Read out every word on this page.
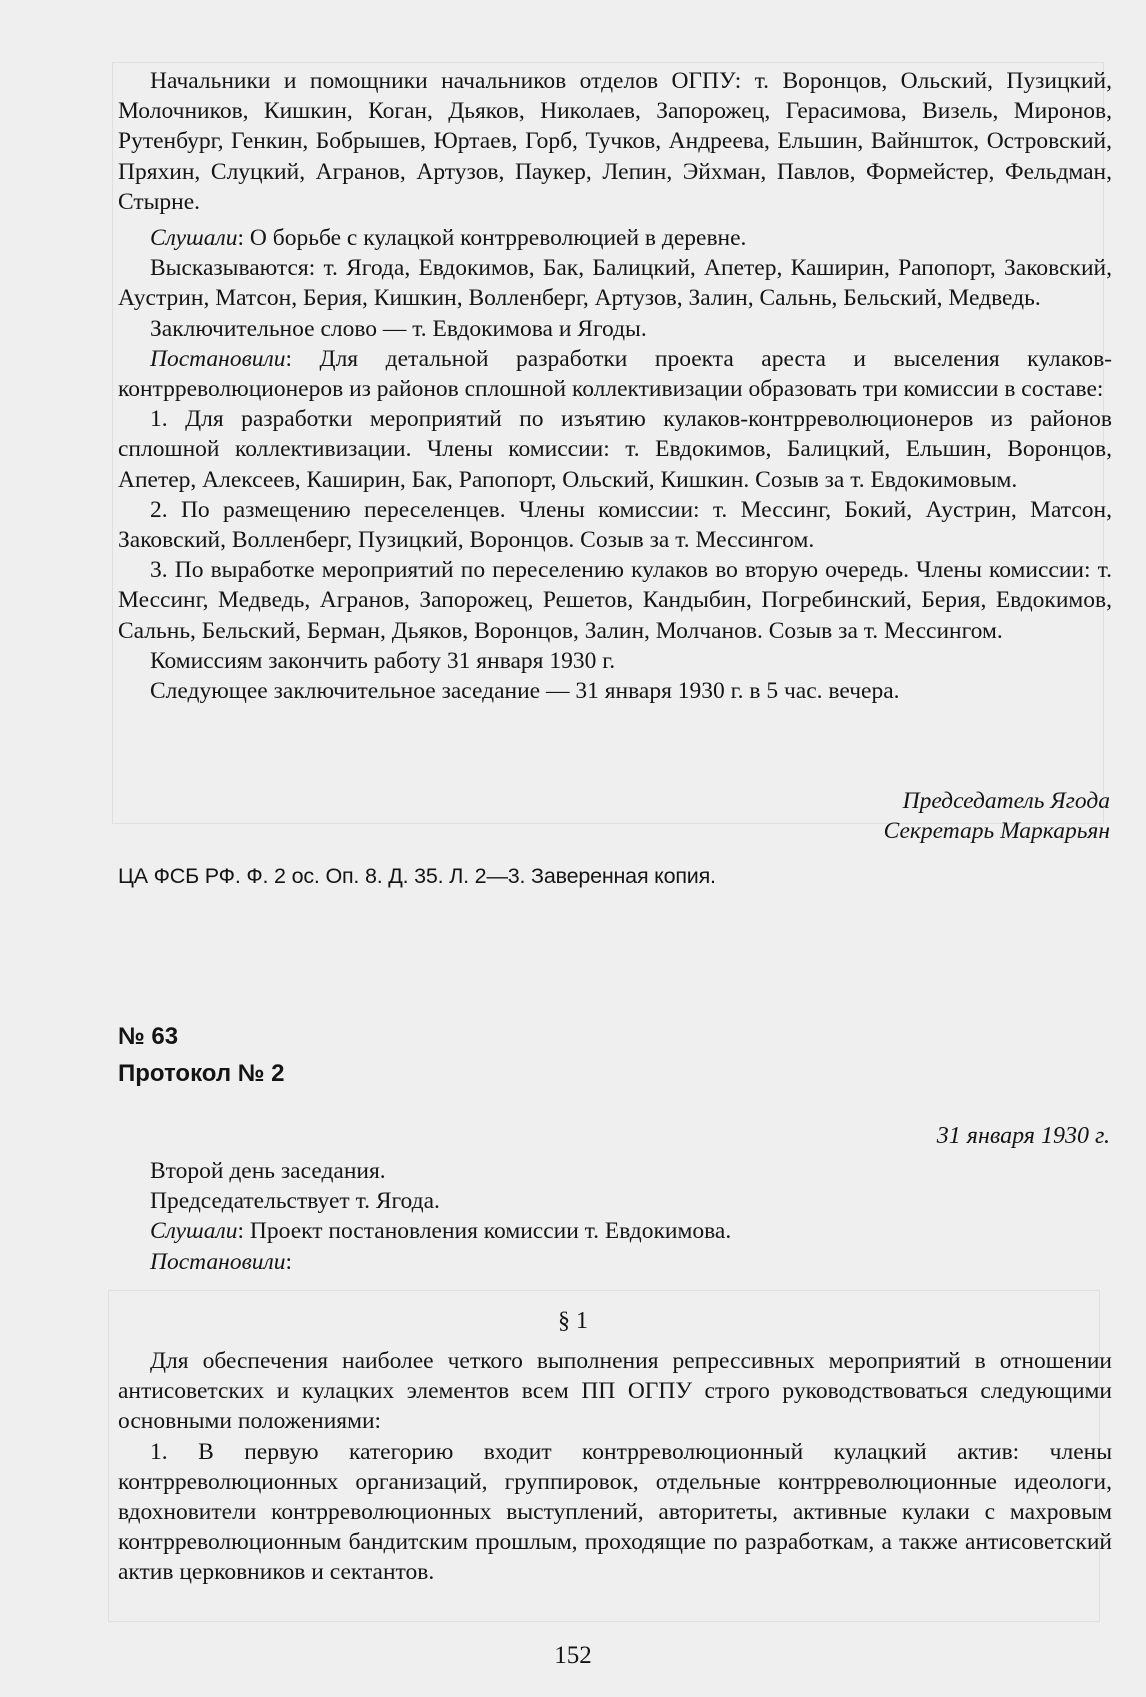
Начальники и помощники начальников отделов ОГПУ: т. Воронцов, Ольский, Пузицкий, Молочников, Кишкин, Коган, Дьяков, Николаев, Запорожец, Герасимова, Визель, Миронов, Рутенбург, Генкин, Бобрышев, Юртаев, Горб, Тучков, Андреева, Ельшин, Вайншток, Островский, Пряхин, Слуцкий, Агранов, Артузов, Паукер, Лепин, Эйхман, Павлов, Формейстер, Фельдман, Стырне.

Слушали: О борьбе с кулацкой контрреволюцией в деревне.

Высказываются: т. Ягода, Евдокимов, Бак, Балицкий, Апетер, Каширин, Рапопорт, Заковский, Аустрин, Матсон, Берия, Кишкин, Волленберг, Артузов, Залин, Сальнь, Бельский, Медведь.

Заключительное слово — т. Евдокимова и Ягоды.

Постановили: Для детальной разработки проекта ареста и выселения кулаков-контрреволюционеров из районов сплошной коллективизации образовать три комиссии в составе:

1. Для разработки мероприятий по изъятию кулаков-контрреволюционеров из районов сплошной коллективизации. Члены комиссии: т. Евдокимов, Балицкий, Ельшин, Воронцов, Апетер, Алексеев, Каширин, Бак, Рапопорт, Ольский, Кишкин. Созыв за т. Евдокимовым.

2. По размещению переселенцев. Члены комиссии: т. Мессинг, Бокий, Аустрин, Матсон, Заковский, Волленберг, Пузицкий, Воронцов. Созыв за т. Мессингом.

3. По выработке мероприятий по переселению кулаков во вторую очередь. Члены комиссии: т. Мессинг, Медведь, Агранов, Запорожец, Решетов, Кандыбин, Погребинский, Берия, Евдокимов, Сальнь, Бельский, Берман, Дьяков, Воронцов, Залин, Молчанов. Созыв за т. Мессингом.

Комиссиям закончить работу 31 января 1930 г.

Следующее заключительное заседание — 31 января 1930 г. в 5 час. вечера.

Председатель Ягода
Секретарь Маркарьян
ЦА ФСБ РФ. Ф. 2 ос. Оп. 8. Д. 35. Л. 2—3. Заверенная копия.
№ 63
Протокол № 2
31 января 1930 г.

Второй день заседания.

Председательствует т. Ягода.

Слушали: Проект постановления комиссии т. Евдокимова.

Постановили:

§ 1

Для обеспечения наиболее четкого выполнения репрессивных мероприятий в отношении антисоветских и кулацких элементов всем ПП ОГПУ строго руководствоваться следующими основными положениями:

1. В первую категорию входит контрреволюционный кулацкий актив: члены контрреволюционных организаций, группировок, отдельные контрреволюционные идеологи, вдохновители контрреволюционных выступлений, авторитеты, активные кулаки с махровым контрреволюционным бандитским прошлым, проходящие по разработкам, а также антисоветский актив церковников и сектантов.

152
